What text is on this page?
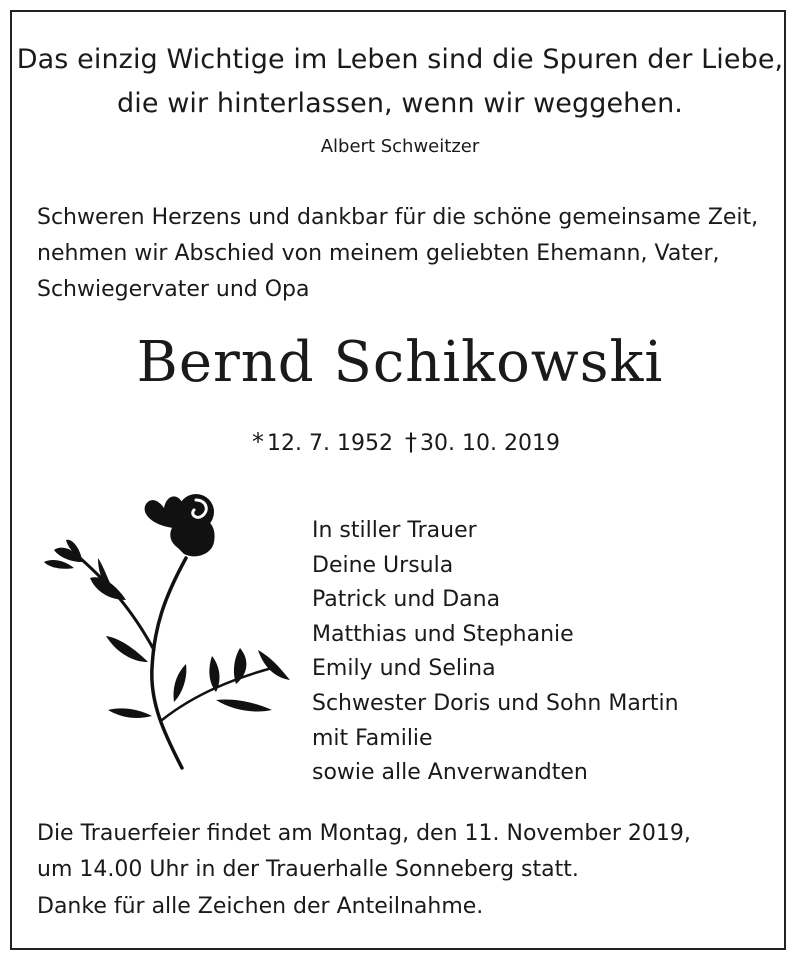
Das einzig Wichtige im Leben sind die Spuren der Liebe,
die wir hinterlassen, wenn wir weggehen.
Albert Schweitzer
Schweren Herzens und dankbar für die schöne gemeinsame Zeit,
nehmen wir Abschied von meinem geliebten Ehemann, Vater,
Schwiegervater und Opa
Bernd Schikowski
* 12. 7. 1952 † 30. 10. 2019
In stiller Trauer
Deine Ursula
Patrick und Dana
Matthias und Stephanie
Emily und Selina
Schwester Doris und Sohn Martin
mit Familie
sowie alle Anverwandten
Die Trauerfeier findet am Montag, den 11. November 2019,
um 14.00 Uhr in der Trauerhalle Sonneberg statt.
Danke für alle Zeichen der Anteilnahme.
